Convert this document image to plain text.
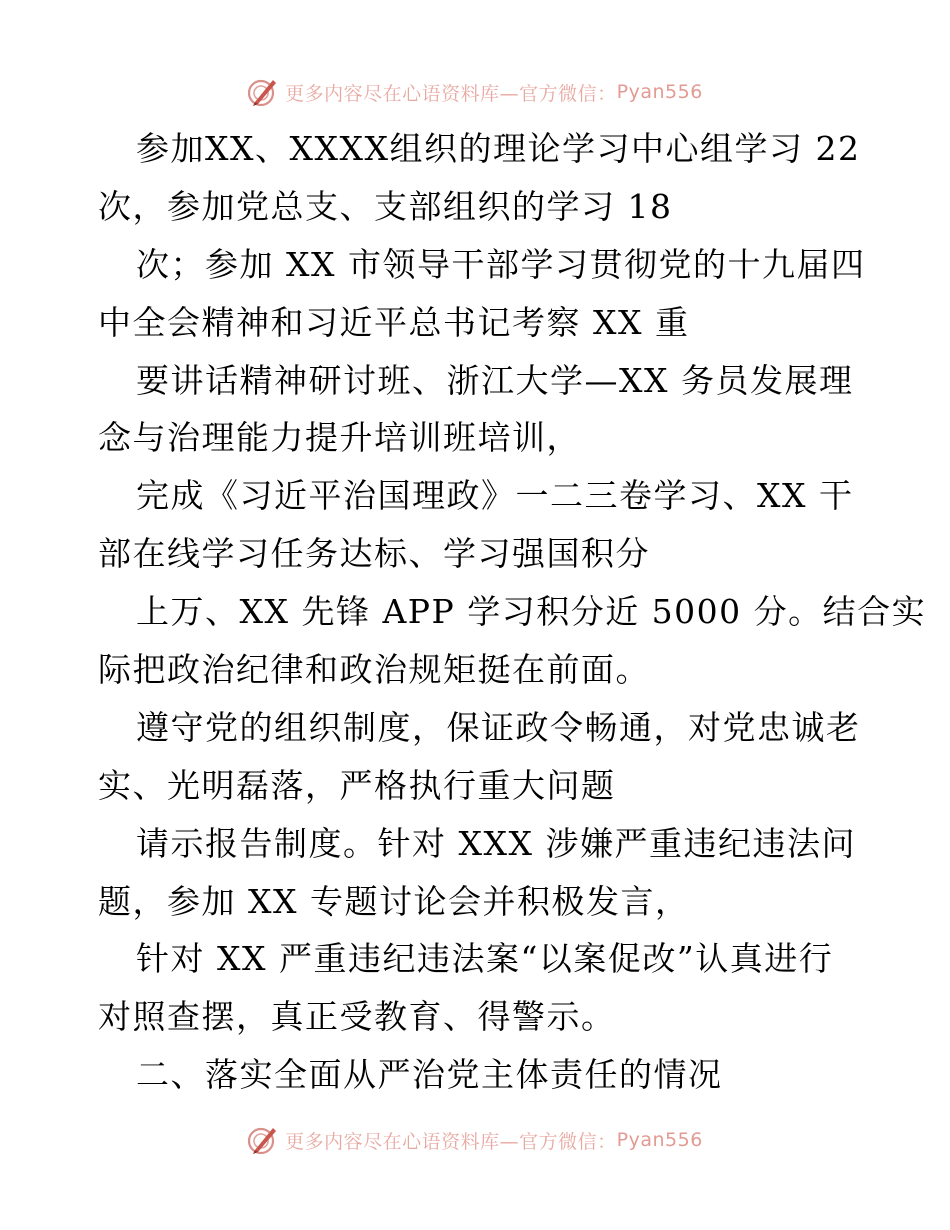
更多内容尽在心语资料库—官方微信： Pyan556
参加XX、XXXX组织的理论学习中心组学习 22
次，参加党总支、支部组织的学习 18
次；参加 XX 市领导干部学习贯彻党的十九届四
中全会精神和习近平总书记考察 XX 重
要讲话精神研讨班、浙江大学—XX 务员发展理
念与治理能力提升培训班培训，
完成《习近平治国理政》一二三卷学习、XX 干
部在线学习任务达标、学习强国积分
上万、XX 先锋 APP 学习积分近 5000 分。结合实
际把政治纪律和政治规矩挺在前面。
遵守党的组织制度，保证政令畅通，对党忠诚老
实、光明磊落，严格执行重大问题
请示报告制度。针对 XXX 涉嫌严重违纪违法问
题，参加 XX 专题讨论会并积极发言，
针对 XX 严重违纪违法案“以案促改”认真进行
对照查摆，真正受教育、得警示。
二、落实全面从严治党主体责任的情况
更多内容尽在心语资料库—官方微信： Pyan556
